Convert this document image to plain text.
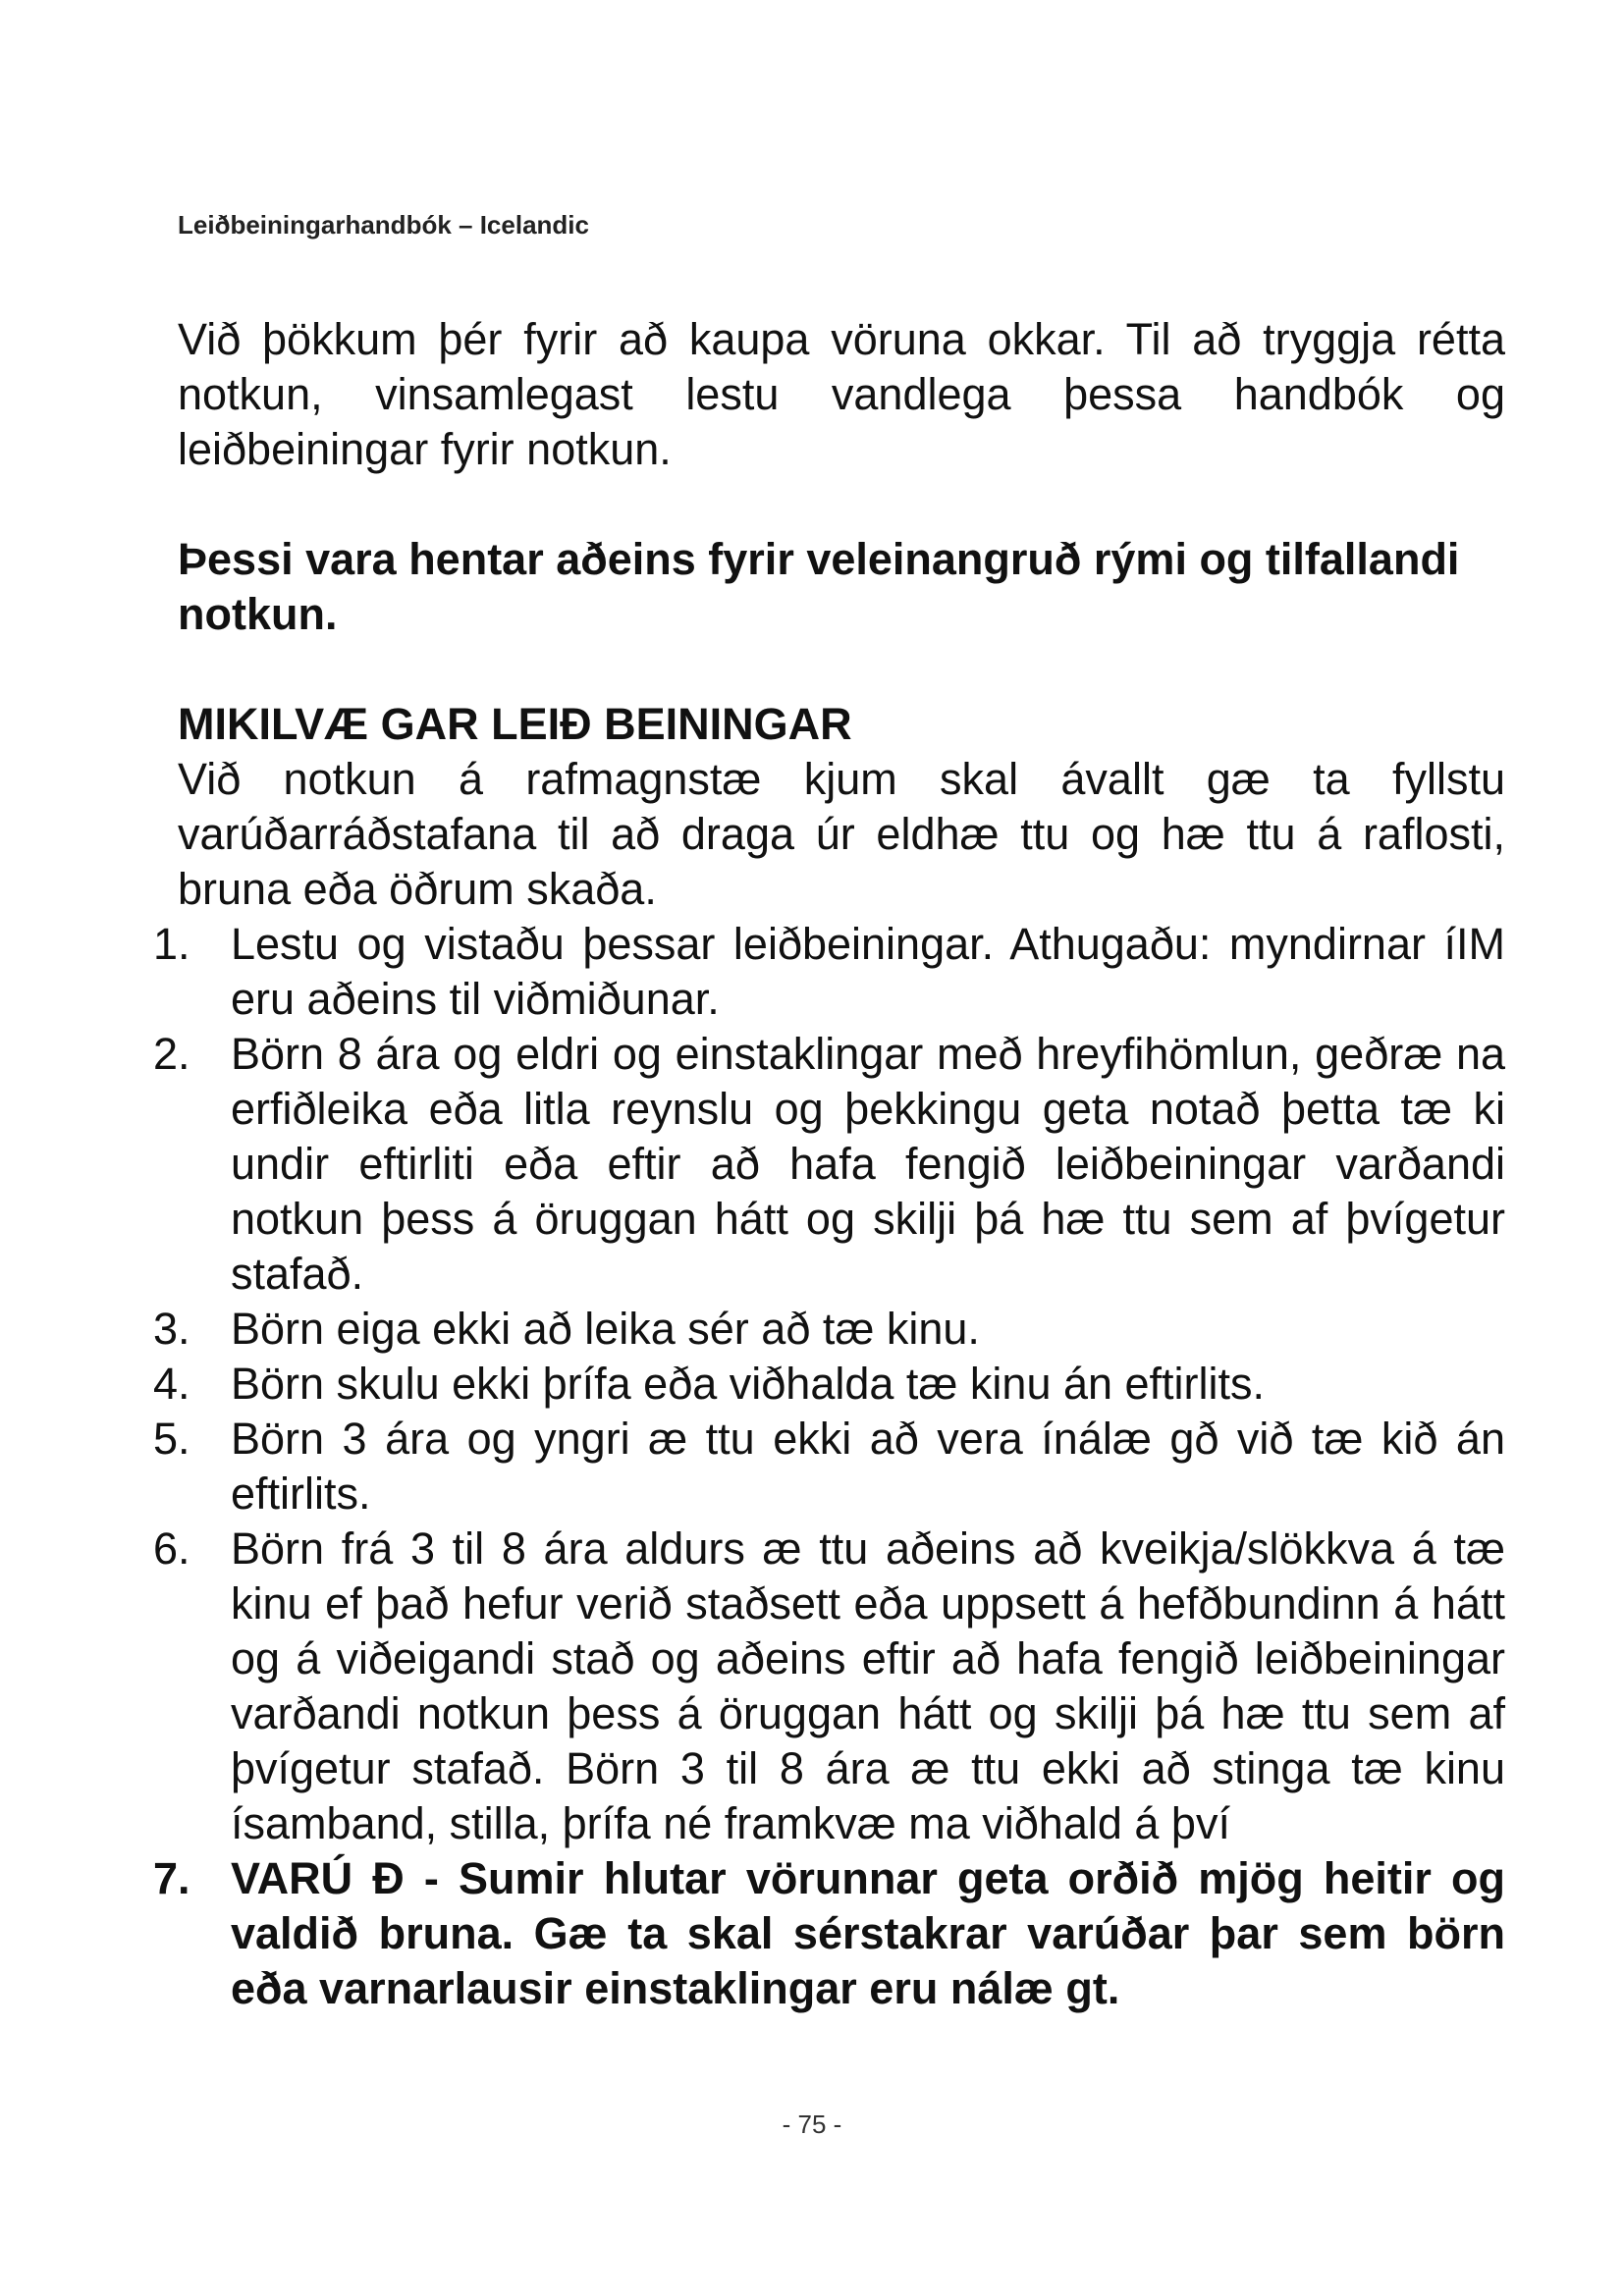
Leiðbeiningarhandbók – Icelandic

Við þökkum þér fyrir að kaupa vöruna okkar. Til að tryggja rétta notkun, vinsamlegast lestu vandlega þessa handbók og leiðbeiningar fyrir notkun.

Þessi vara hentar aðeins fyrir veleinangruð rými og tilfallandi notkun.

MIKILVÆ GAR LEIÐ BEININGAR

Við notkun á rafmagnstæ kjum skal ávallt gæ ta fyllstu varúðarráðstafana til að draga úr eldhæ ttu og hæ ttu á raflosti, bruna eða öðrum skaða.

1. Lestu og vistaðu þessar leiðbeiningar. Athugaðu: myndirnar íIM eru aðeins til viðmiðunar.
2. Börn 8 ára og eldri og einstaklingar með hreyfihömlun, geðræ na erfiðleika eða litla reynslu og þekkingu geta notað þetta tæ ki undir eftirliti eða eftir að hafa fengið leiðbeiningar varðandi notkun þess á öruggan hátt og skilji þá hæ ttu sem af þvígetur stafað.
3. Börn eiga ekki að leika sér að tæ kinu.
4. Börn skulu ekki þrífa eða viðhalda tæ kinu án eftirlits.
5. Börn 3 ára og yngri æ ttu ekki að vera ínálæ gð við tæ kið án eftirlits.
6. Börn frá 3 til 8 ára aldurs æ ttu aðeins að kveikja/slökkva á tæ kinu ef það hefur verið staðsett eða uppsett á hefðbundinn á hátt og á viðeigandi stað og aðeins eftir að hafa fengið leiðbeiningar varðandi notkun þess á öruggan hátt og skilji þá hæ ttu sem af þvígetur stafað. Börn 3 til 8 ára æ ttu ekki að stinga tæ kinu ísamband, stilla, þrífa né framkvæ ma viðhald á því
7. VARÚ Ð - Sumir hlutar vörunnar geta orðið mjög heitir og valdið bruna. Gæ ta skal sérstakrar varúðar þar sem börn eða varnarlausir einstaklingar eru nálæ gt.
- 75 -
